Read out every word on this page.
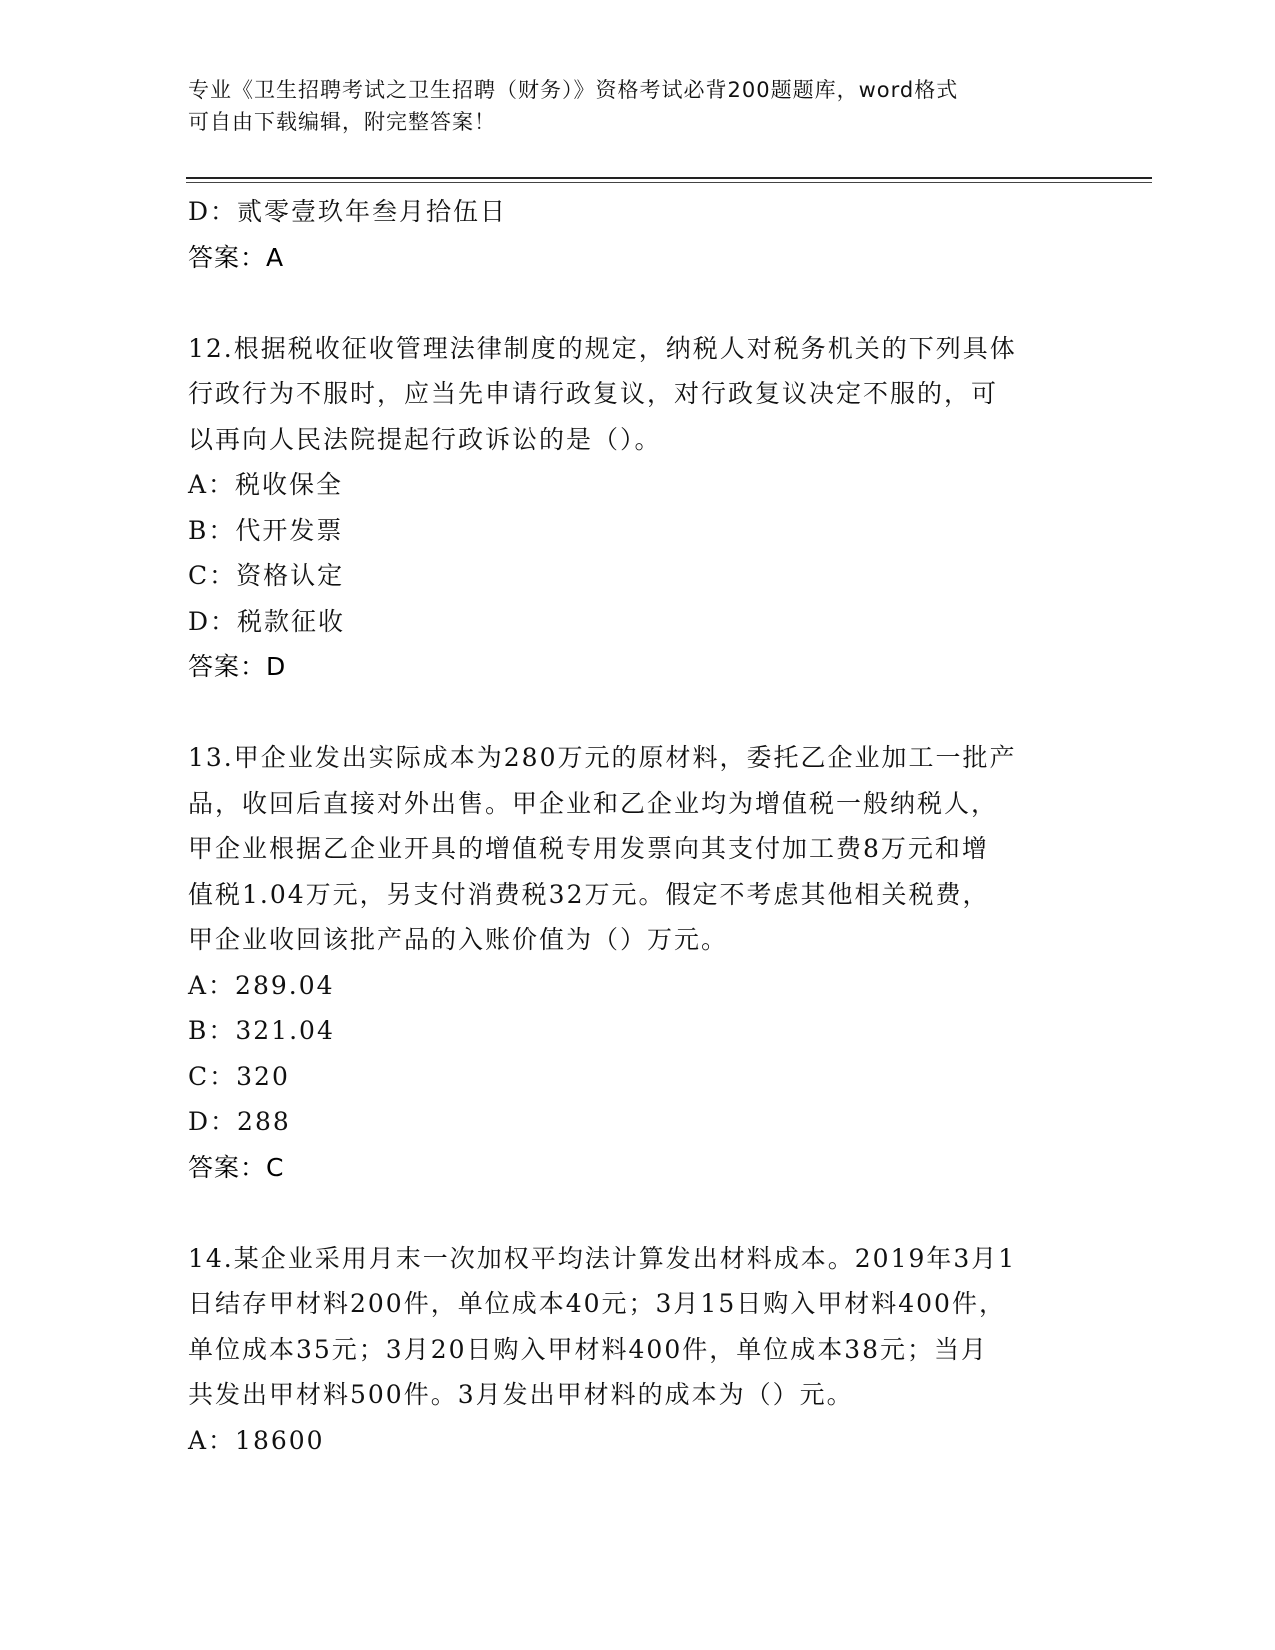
专业《卫生招聘考试之卫生招聘（财务）》资格考试必背200题题库，word格式
可自由下载编辑，附完整答案！
D：贰零壹玖年叁月拾伍日
答案：A
12.根据税收征收管理法律制度的规定，纳税人对税务机关的下列具体
行政行为不服时，应当先申请行政复议，对行政复议决定不服的，可
以再向人民法院提起行政诉讼的是（）。
A：税收保全
B：代开发票
C：资格认定
D：税款征收
答案：D
13.甲企业发出实际成本为280万元的原材料，委托乙企业加工一批产
品，收回后直接对外出售。甲企业和乙企业均为增值税一般纳税人，
甲企业根据乙企业开具的增值税专用发票向其支付加工费8万元和增
值税1.04万元，另支付消费税32万元。假定不考虑其他相关税费，
甲企业收回该批产品的入账价值为（）万元。
A：289.04
B：321.04
C：320
D：288
答案：C
14.某企业采用月末一次加权平均法计算发出材料成本。2019年3月1
日结存甲材料200件，单位成本40元；3月15日购入甲材料400件，
单位成本35元；3月20日购入甲材料400件，单位成本38元；当月
共发出甲材料500件。3月发出甲材料的成本为（）元。
A：18600
